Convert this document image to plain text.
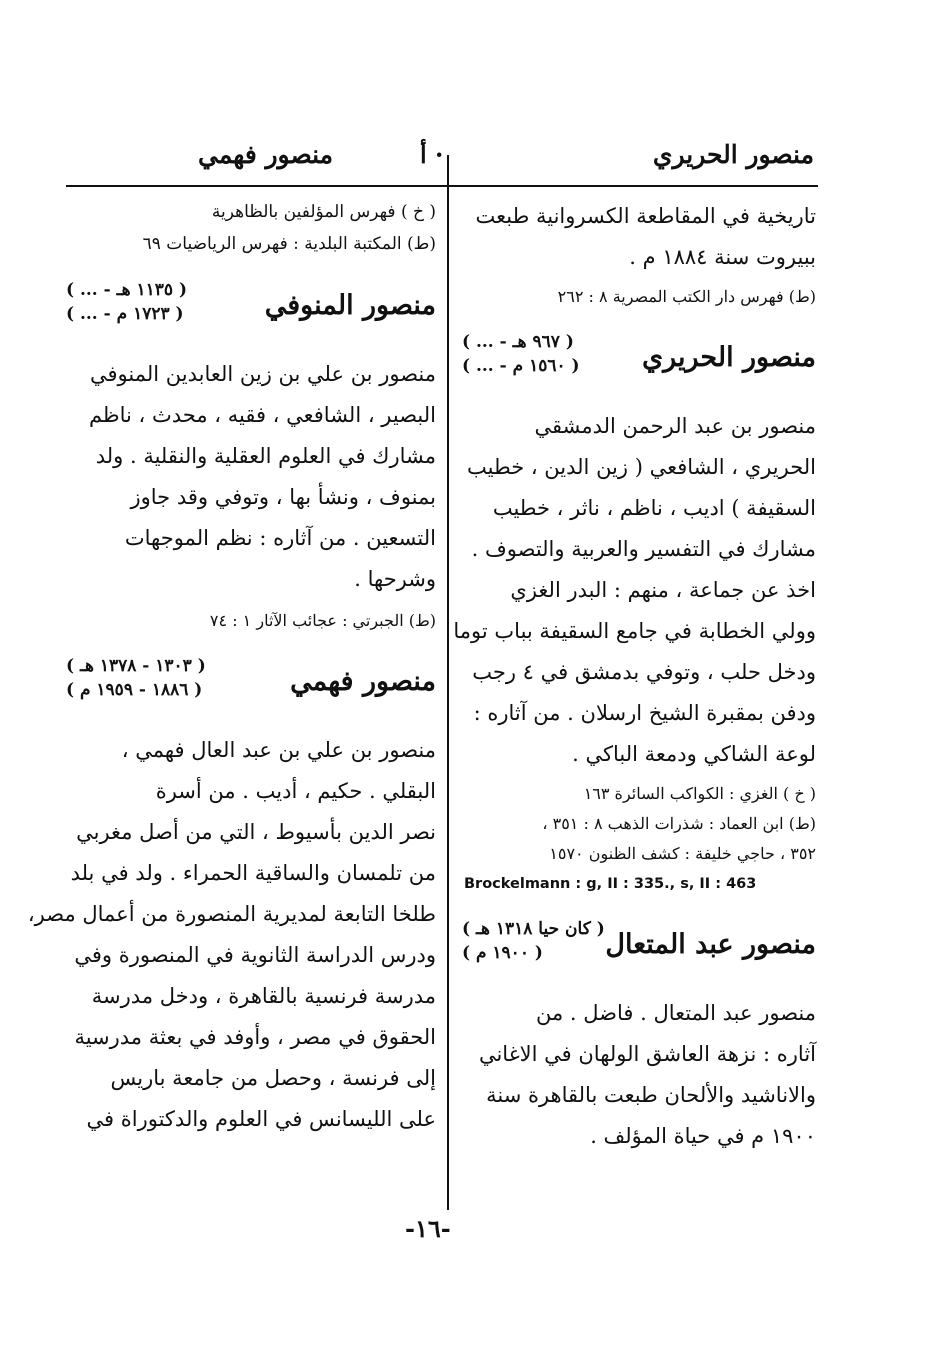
منصور الحريري
أ ·
منصور فهمي
تاريخية في المقاطعة الكسروانية طبعت
ببيروت سنة ١٨٨٤ م .
(ط) فهرس دار الكتب المصرية ٨ : ٢٦٢
منصور الحريري
( ... - ٩٦٧ هـ )
( ... - ١٥٦٠ م )
منصور بن عبد الرحمن الدمشقي
الحريري ، الشافعي ( زين الدين ، خطيب
السقيفة ) اديب ، ناظم ، ناثر ، خطيب
مشارك في التفسير والعربية والتصوف .
اخذ عن جماعة ، منهم : البدر الغزي
وولي الخطابة في جامع السقيفة بباب توما
ودخل حلب ، وتوفي بدمشق في ٤ رجب
ودفن بمقبرة الشيخ ارسلان . من آثاره :
لوعة الشاكي ودمعة الباكي .
( خ ) الغزي : الكواكب السائرة ١٦٣
(ط) ابن العماد : شذرات الذهب ٨ : ٣٥١ ،
٣٥٢ ، حاجي خليفة : كشف الظنون ١٥٧٠
Brockelmann : g, II : 335., s, II : 463
منصور عبد المتعال
( كان حيا ١٣١٨ هـ )
( ١٩٠٠ م )
منصور عبد المتعال . فاضل . من
آثاره : نزهة العاشق الولهان في الاغاني
والاناشيد والألحان طبعت بالقاهرة سنة
١٩٠٠ م في حياة المؤلف .
( خ ) فهرس المؤلفين بالظاهرية
(ط) المكتبة البلدية : فهرس الرياضيات ٦٩
منصور المنوفي
( ... - ١١٣٥ هـ )
( ... - ١٧٢٣ م )
منصور بن علي بن زين العابدين المنوفي
البصير ، الشافعي ، فقيه ، محدث ، ناظم
مشارك في العلوم العقلية والنقلية . ولد
بمنوف ، ونشأ بها ، وتوفي وقد جاوز
التسعين . من آثاره : نظم الموجهات
وشرحها .
(ط) الجبرتي : عجائب الآثار ١ : ٧٤
منصور فهمي
( ١٣٠٣ - ١٣٧٨ هـ )
( ١٨٨٦ - ١٩٥٩ م )
منصور بن علي بن عبد العال فهمي ،
البقلي . حكيم ، أديب . من أسرة
نصر الدين بأسيوط ، التي من أصل مغربي
من تلمسان والساقية الحمراء . ولد في بلد
طلخا التابعة لمديرية المنصورة من أعمال مصر،
ودرس الدراسة الثانوية في المنصورة وفي
مدرسة فرنسية بالقاهرة ، ودخل مدرسة
الحقوق في مصر ، وأوفد في بعثة مدرسية
إلى فرنسة ، وحصل من جامعة باريس
على الليسانس في العلوم والدكتوراة في
-١٦-
